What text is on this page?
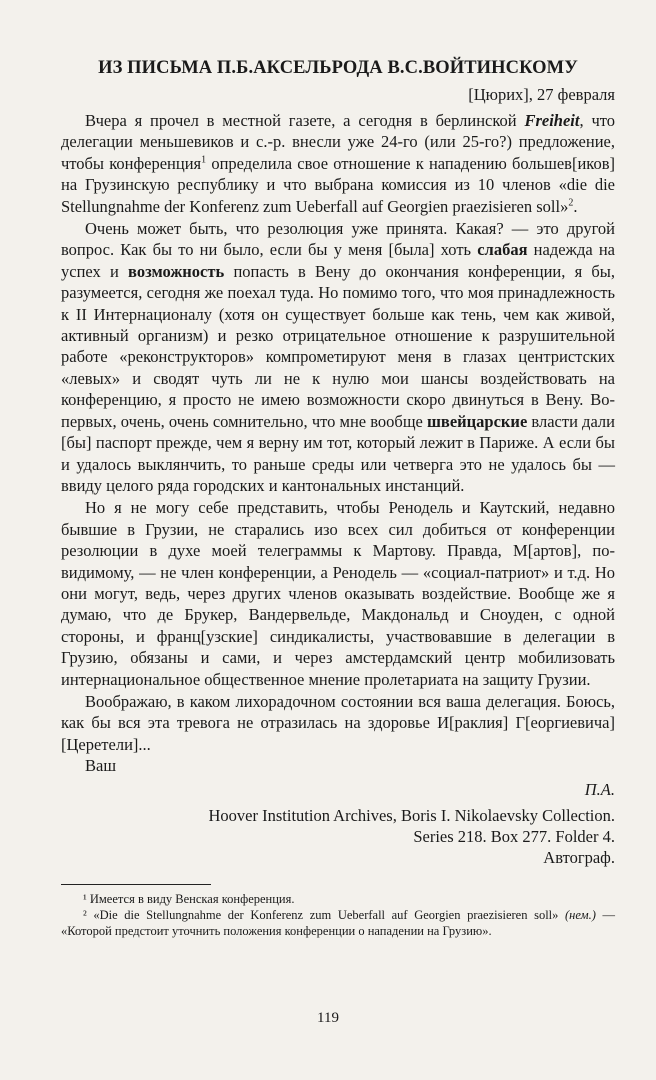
ИЗ ПИСЬМА П.Б.АКСЕЛЬРОДА В.С.ВОЙТИНСКОМУ
[Цюрих], 27 февраля

Вчера я прочел в местной газете, а сегодня в берлинской Freiheit, что делегации меньшевиков и с.-р. внесли уже 24-го (или 25-го?) предложение, чтобы конференция$^1$ определила свое отношение к нападению большев[иков] на Грузинскую республику и что выбрана комиссия из 10 членов «die die Stellungnahme der Konferenz zum Ueberfall auf Georgien praezisieren soll»$^2$.

Очень может быть, что резолюция уже принята. Какая? — это другой вопрос. Как бы то ни было, если бы у меня [была] хоть слабая надежда на успех и возможность попасть в Вену до окончания конференции, я бы, разумеется, сегодня же поехал туда. Но помимо того, что моя принадлежность к II Интернационалу (хотя он существует больше как тень, чем как живой, активный организм) и резко отрицательное отношение к разрушительной работе «реконструкторов» компрометируют меня в глазах центристских «левых» и сводят чуть ли не к нулю мои шансы воздействовать на конференцию, я просто не имею возможности скоро двинуться в Вену. Во-первых, очень, очень сомнительно, что мне вообще швейцарские власти дали [бы] паспорт прежде, чем я верну им тот, который лежит в Париже. А если бы и удалось выклянчить, то раньше среды или четверга это не удалось бы — ввиду целого ряда городских и кантональных инстанций.

Но я не могу себе представить, чтобы Ренодель и Каутский, недавно бывшие в Грузии, не старались изо всех сил добиться от конференции резолюции в духе моей телеграммы к Мартову. Правда, М[артов], по-видимому, — не член конференции, а Ренодель — «социал-патриот» и т.д. Но они могут, ведь, через других членов оказывать воздействие. Вообще же я думаю, что де Брукер, Вандервельде, Макдональд и Сноуден, с одной стороны, и франц[узские] синдикалисты, участвовавшие в делегации в Грузию, обязаны и сами, и через амстердамский центр мобилизовать интернациональное общественное мнение пролетариата на защиту Грузии.

Воображаю, в каком лихорадочном состоянии вся ваша делегация. Боюсь, как бы вся эта тревога не отразилась на здоровье И[раклия] Г[еоргиевича] [Церетели]...

Ваш
П.А.
Hoover Institution Archives, Boris I. Nikolaevsky Collection.
Series 218. Box 277. Folder 4.
Автограф.

¹ Имеется в виду Венская конференция.

² «Die die Stellungnahme der Konferenz zum Ueberfall auf Georgien praezisieren soll» (нем.) — «Которой предстоит уточнить положения конференции о нападении на Грузию».

119
